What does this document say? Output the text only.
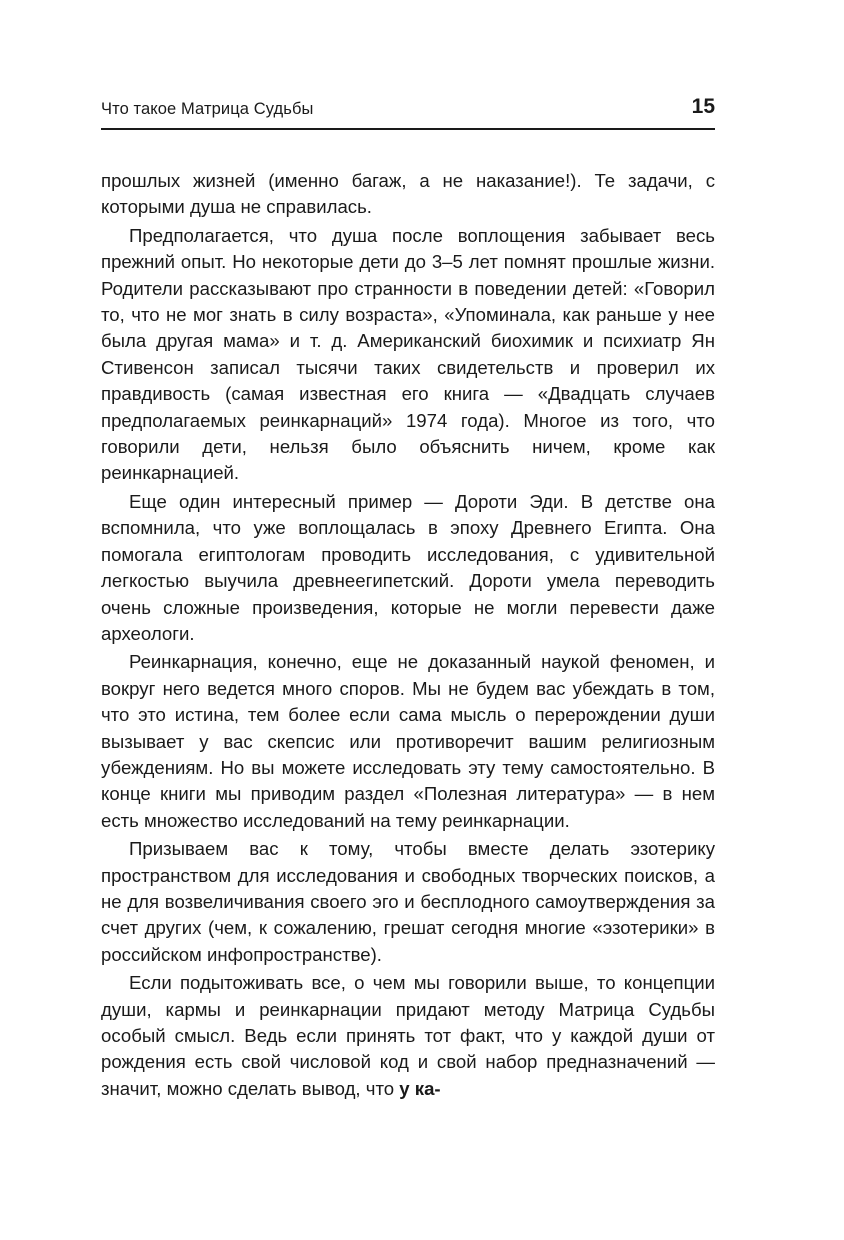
Что такое Матрица Судьбы	15

прошлых жизней (именно багаж, а не наказание!). Те задачи, с которыми душа не справилась.

Предполагается, что душа после воплощения забывает весь прежний опыт. Но некоторые дети до 3–5 лет помнят прошлые жизни. Родители рассказывают про странности в поведении детей: «Говорил то, что не мог знать в силу возраста», «Упоминала, как раньше у нее была другая мама» и т. д. Американский биохимик и психиатр Ян Стивенсон записал тысячи таких свидетельств и проверил их правдивость (самая известная его книга — «Двадцать случаев предполагаемых реинкарнаций» 1974 года). Многое из того, что говорили дети, нельзя было объяснить ничем, кроме как реинкарнацией.

Еще один интересный пример — Дороти Эди. В детстве она вспомнила, что уже воплощалась в эпоху Древнего Египта. Она помогала египтологам проводить исследования, с удивительной легкостью выучила древнеегипетский. Дороти умела переводить очень сложные произведения, которые не могли перевести даже археологи.

Реинкарнация, конечно, еще не доказанный наукой феномен, и вокруг него ведется много споров. Мы не будем вас убеждать в том, что это истина, тем более если сама мысль о перерождении души вызывает у вас скепсис или противоречит вашим религиозным убеждениям. Но вы можете исследовать эту тему самостоятельно. В конце книги мы приводим раздел «Полезная литература» — в нем есть множество исследований на тему реинкарнации.

Призываем вас к тому, чтобы вместе делать эзотерику пространством для исследования и свободных творческих поисков, а не для возвеличивания своего эго и бесплодного самоутверждения за счет других (чем, к сожалению, грешат сегодня многие «эзотерики» в российском инфопространстве).

Если подытоживать все, о чем мы говорили выше, то концепции души, кармы и реинкарнации придают методу Матрица Судьбы особый смысл. Ведь если принять тот факт, что у каждой души от рождения есть свой числовой код и свой набор предназначений — значит, можно сделать вывод, что у ка-
